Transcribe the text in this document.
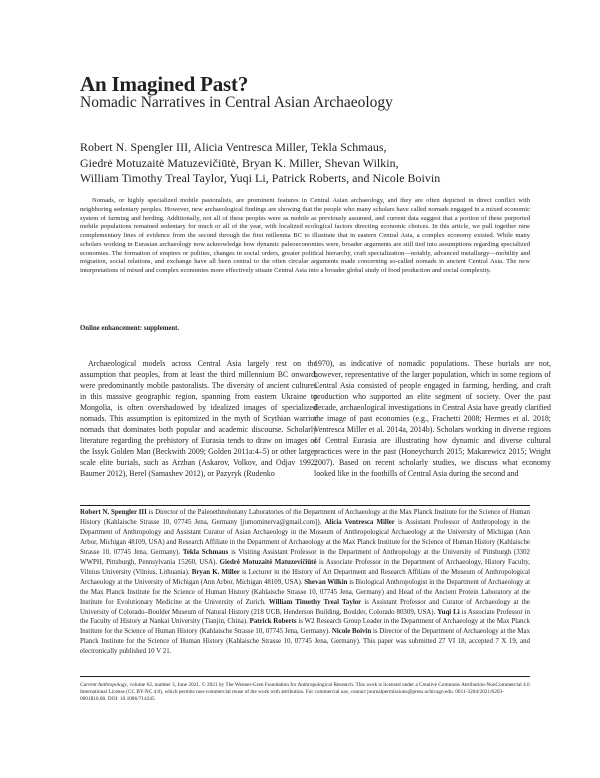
An Imagined Past?
Nomadic Narratives in Central Asian Archaeology
Robert N. Spengler III, Alicia Ventresca Miller, Tekla Schmaus,
Giedrė Motuzaitė Matuzevičiūtė, Bryan K. Miller, Shevan Wilkin,
William Timothy Treal Taylor, Yuqi Li, Patrick Roberts, and Nicole Boivin

Nomads, or highly specialized mobile pastoralists, are prominent features in Central Asian archaeology, and they are often depicted in direct conflict with neighboring sedentary peoples. However, new archaeological findings are showing that the people who many scholars have called nomads engaged in a mixed economic system of farming and herding. Additionally, not all of these peoples were as mobile as previously assumed, and current data suggest that a portion of these purported mobile populations remained sedentary for much or all of the year, with localized ecological factors directing economic choices. In this article, we pull together nine complementary lines of evidence from the second through the first millennia BC to illustrate that in eastern Central Asia, a complex economy existed. While many scholars working in Eurasian archaeology now acknowledge how dynamic paleoeconomies were, broader arguments are still tied into assumptions regarding specialized economies. The formation of empires or polities, changes in social orders, greater political hierarchy, craft specialization—notably, advanced metallurgy—mobility and migration, social relations, and exchange have all been central to the often circular arguments made concerning so-called nomads in ancient Central Asia. The new interpretations of mixed and complex economies more effectively situate Central Asia into a broader global study of food production and social complexity.

Online enhancement: supplement.

Archaeological models across Central Asia largely rest on the assumption that peoples, from at least the third millennium BC onward, were predominantly mobile pastoralists. The diversity of ancient cultures in this massive geographic region, spanning from eastern Ukraine to Mongolia, is often overshadowed by idealized images of specialized nomads. This assumption is epitomized in the myth of Scythian warrior nomads that dominates both popular and academic discourse. Scholarly literature regarding the prehistory of Eurasia tends to draw on images of the Issyk Golden Man (Beckwith 2009; Golden 2011a:4–5) or other large-scale elite burials, such as Arzhan (Askarov, Volkov, and Odjav 1992; Baumer 2012), Berel (Samashev 2012), or Pazyryk (Rudenko

1970), as indicative of nomadic populations. These burials are not, however, representative of the larger population, which in some regions of Central Asia consisted of people engaged in farming, herding, and craft production who supported an elite segment of society. Over the past decade, archaeological investigations in Central Asia have greatly clarified the image of past economies (e.g., Frachetti 2008; Hermes et al. 2018; Ventresca Miller et al. 2014a, 2014b). Scholars working in diverse regions of Central Eurasia are illustrating how dynamic and diverse cultural practices were in the past (Honeychurch 2015; Makarewicz 2015; Wright 2007). Based on recent scholarly studies, we discuss what economy looked like in the foothills of Central Asia during the second and

Robert N. Spengler III is Director of the Paleoethnobotany Laboratories of the Department of Archaeology at the Max Planck Institute for the Science of Human History (Kahlaische Strasse 10, 07745 Jena, Germany [jumominerva@gmail.com]). Alicia Ventresca Miller is Assistant Professor of Anthropology in the Department of Anthropology and Assistant Curator of Asian Archaeology in the Museum of Anthropological Archaeology at the University of Michigan (Ann Arbor, Michigan 48109, USA) and Research Affiliate in the Department of Archaeology at the Max Planck Institute for the Science of Human History (Kahlaische Strasse 10, 07745 Jena, Germany). Tekla Schmaus is Visiting Assistant Professor in the Department of Anthropology at the University of Pittsburgh (3302 WWPH, Pittsburgh, Pennsylvania 15260, USA). Giedrė Motuzaitė Matuzevičiūtė is Associate Professor in the Department of Archaeology, History Faculty, Vilnius University (Vilnius, Lithuania). Bryan K. Miller is Lecturer in the History of Art Department and Research Affiliate of the Museum of Anthropological Archaeology at the University of Michigan (Ann Arbor, Michigan 48109, USA). Shevan Wilkin is Biological Anthropologist in the Department of Archaeology at the Max Planck Institute for the Science of Human History (Kahlaische Strasse 10, 07745 Jena, Germany) and Head of the Ancient Protein Laboratory at the Institute for Evolutionary Medicine at the University of Zurich. William Timothy Treal Taylor is Assistant Professor and Curator of Archaeology at the University of Colorado–Boulder Museum of Natural History (218 UCB, Henderson Building, Boulder, Colorado 80309, USA). Yuqi Li is Associate Professor in the Faculty of History at Nankai University (Tianjin, China). Patrick Roberts is W2 Research Group Leader in the Department of Archaeology at the Max Planck Institute for the Science of Human History (Kahlaische Strasse 10, 07745 Jena, Germany). Nicole Boivin is Director of the Department of Archaeology at the Max Planck Institute for the Science of Human History (Kahlaische Strasse 10, 07745 Jena, Germany). This paper was submitted 27 VI 18, accepted 7 X 19, and electronically published 10 V 21.

Current Anthropology, volume 62, number 3, June 2021. © 2021 by The Wenner-Gren Foundation for Anthropological Research. This work is licensed under a Creative Commons Attribution-NonCommercial 4.0 International License (CC BY-NC 4.0), which permits non-commercial reuse of the work with attribution. For commercial use, contact journalpermissions@press.uchicago.edu. 0011-3204/2021/6203-0001$10.00. DOI: 10.1086/714245
